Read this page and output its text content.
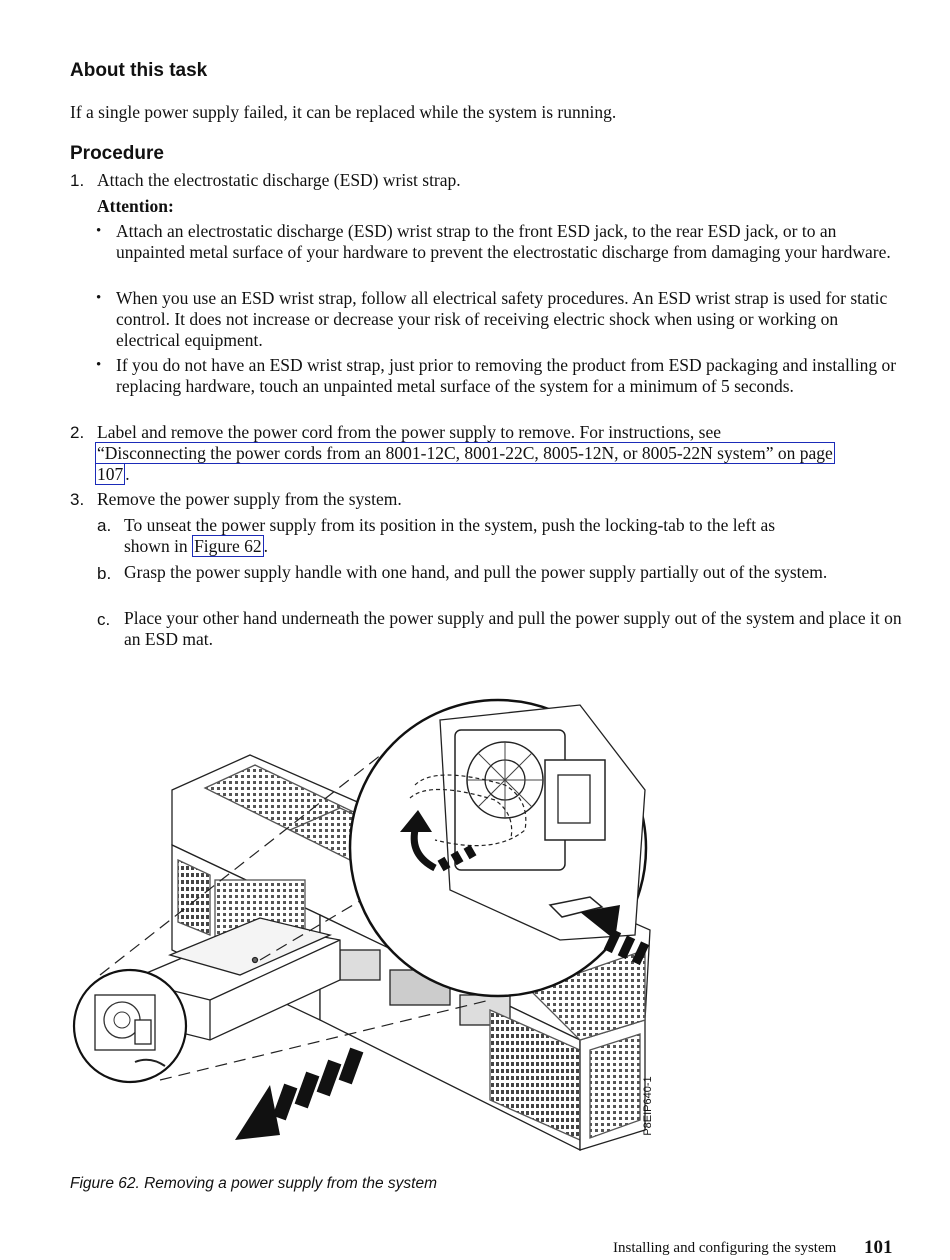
About this task
If a single power supply failed, it can be replaced while the system is running.
Procedure
1. Attach the electrostatic discharge (ESD) wrist strap.
Attention:
• Attach an electrostatic discharge (ESD) wrist strap to the front ESD jack, to the rear ESD jack, or to an unpainted metal surface of your hardware to prevent the electrostatic discharge from damaging your hardware.
• When you use an ESD wrist strap, follow all electrical safety procedures. An ESD wrist strap is used for static control. It does not increase or decrease your risk of receiving electric shock when using or working on electrical equipment.
• If you do not have an ESD wrist strap, just prior to removing the product from ESD packaging and installing or replacing hardware, touch an unpainted metal surface of the system for a minimum of 5 seconds.
2. Label and remove the power cord from the power supply to remove. For instructions, see
“Disconnecting the power cords from an 8001-12C, 8001-22C, 8005-12N, or 8005-22N system” on page
107 .
3. Remove the power supply from the system.
a. To unseat the power supply from its position in the system, push the locking-tab to the left as
shown in Figure 62 .
b. Grasp the power supply handle with one hand, and pull the power supply partially out of the system.
c. Place your other hand underneath the power supply and pull the power supply out of the system and place it on an ESD mat.
P8EIP640-1
Figure 62. Removing a power supply from the system
Installing and configuring the system 101
